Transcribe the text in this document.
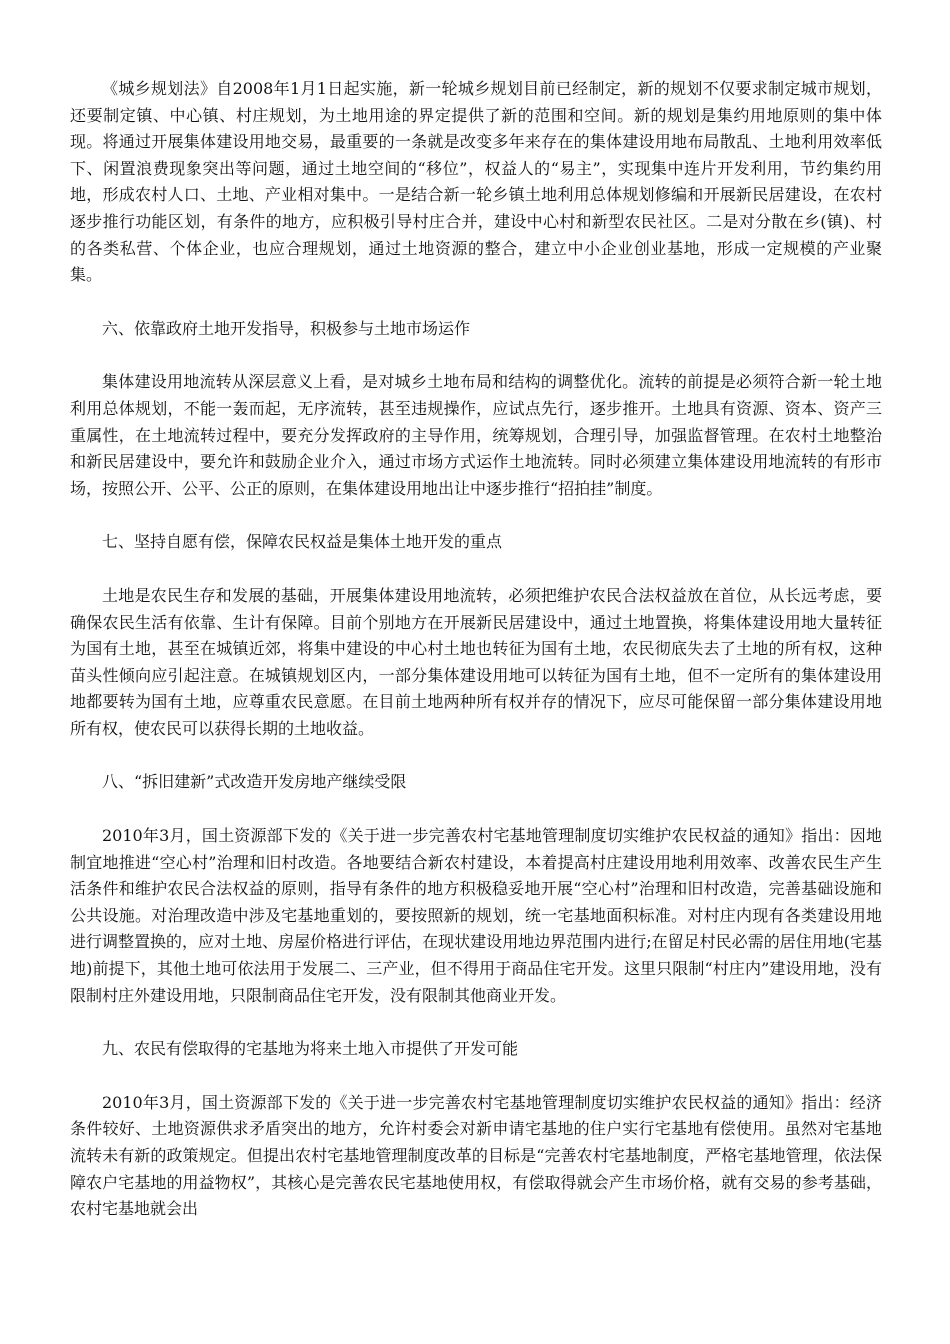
《城乡规划法》自2008年1月1日起实施，新一轮城乡规划目前已经制定，新的规划不仅要求制定城市规划，还要制定镇、中心镇、村庄规划，为土地用途的界定提供了新的范围和空间。新的规划是集约用地原则的集中体现。将通过开展集体建设用地交易，最重要的一条就是改变多年来存在的集体建设用地布局散乱、土地利用效率低下、闲置浪费现象突出等问题，通过土地空间的“移位”，权益人的“易主”，实现集中连片开发利用，节约集约用地，形成农村人口、土地、产业相对集中。一是结合新一轮乡镇土地利用总体规划修编和开展新民居建设，在农村逐步推行功能区划，有条件的地方，应积极引导村庄合并，建设中心村和新型农民社区。二是对分散在乡(镇)、村的各类私营、个体企业，也应合理规划，通过土地资源的整合，建立中小企业创业基地，形成一定规模的产业聚集。

六、依靠政府土地开发指导，积极参与土地市场运作

集体建设用地流转从深层意义上看，是对城乡土地布局和结构的调整优化。流转的前提是必须符合新一轮土地利用总体规划，不能一轰而起，无序流转，甚至违规操作，应试点先行，逐步推开。土地具有资源、资本、资产三重属性，在土地流转过程中，要充分发挥政府的主导作用，统筹规划，合理引导，加强监督管理。在农村土地整治和新民居建设中，要允许和鼓励企业介入，通过市场方式运作土地流转。同时必须建立集体建设用地流转的有形市场，按照公开、公平、公正的原则，在集体建设用地出让中逐步推行“招拍挂”制度。

七、坚持自愿有偿，保障农民权益是集体土地开发的重点

土地是农民生存和发展的基础，开展集体建设用地流转，必须把维护农民合法权益放在首位，从长远考虑，要确保农民生活有依靠、生计有保障。目前个别地方在开展新民居建设中，通过土地置换，将集体建设用地大量转征为国有土地，甚至在城镇近郊，将集中建设的中心村土地也转征为国有土地，农民彻底失去了土地的所有权，这种苗头性倾向应引起注意。在城镇规划区内，一部分集体建设用地可以转征为国有土地，但不一定所有的集体建设用地都要转为国有土地，应尊重农民意愿。在目前土地两种所有权并存的情况下，应尽可能保留一部分集体建设用地所有权，使农民可以获得长期的土地收益。

八、“拆旧建新”式改造开发房地产继续受限

2010年3月，国土资源部下发的《关于进一步完善农村宅基地管理制度切实维护农民权益的通知》指出：因地制宜地推进“空心村”治理和旧村改造。各地要结合新农村建设，本着提高村庄建设用地利用效率、改善农民生产生活条件和维护农民合法权益的原则，指导有条件的地方积极稳妥地开展“空心村”治理和旧村改造，完善基础设施和公共设施。对治理改造中涉及宅基地重划的，要按照新的规划，统一宅基地面积标准。对村庄内现有各类建设用地进行调整置换的，应对土地、房屋价格进行评估，在现状建设用地边界范围内进行;在留足村民必需的居住用地(宅基地)前提下，其他土地可依法用于发展二、三产业，但不得用于商品住宅开发。这里只限制“村庄内”建设用地，没有限制村庄外建设用地，只限制商品住宅开发，没有限制其他商业开发。

九、农民有偿取得的宅基地为将来土地入市提供了开发可能

2010年3月，国土资源部下发的《关于进一步完善农村宅基地管理制度切实维护农民权益的通知》指出：经济条件较好、土地资源供求矛盾突出的地方，允许村委会对新申请宅基地的住户实行宅基地有偿使用。虽然对宅基地流转未有新的政策规定。但提出农村宅基地管理制度改革的目标是“完善农村宅基地制度，严格宅基地管理，依法保障农户宅基地的用益物权”，其核心是完善农民宅基地使用权，有偿取得就会产生市场价格，就有交易的参考基础，农村宅基地就会出
